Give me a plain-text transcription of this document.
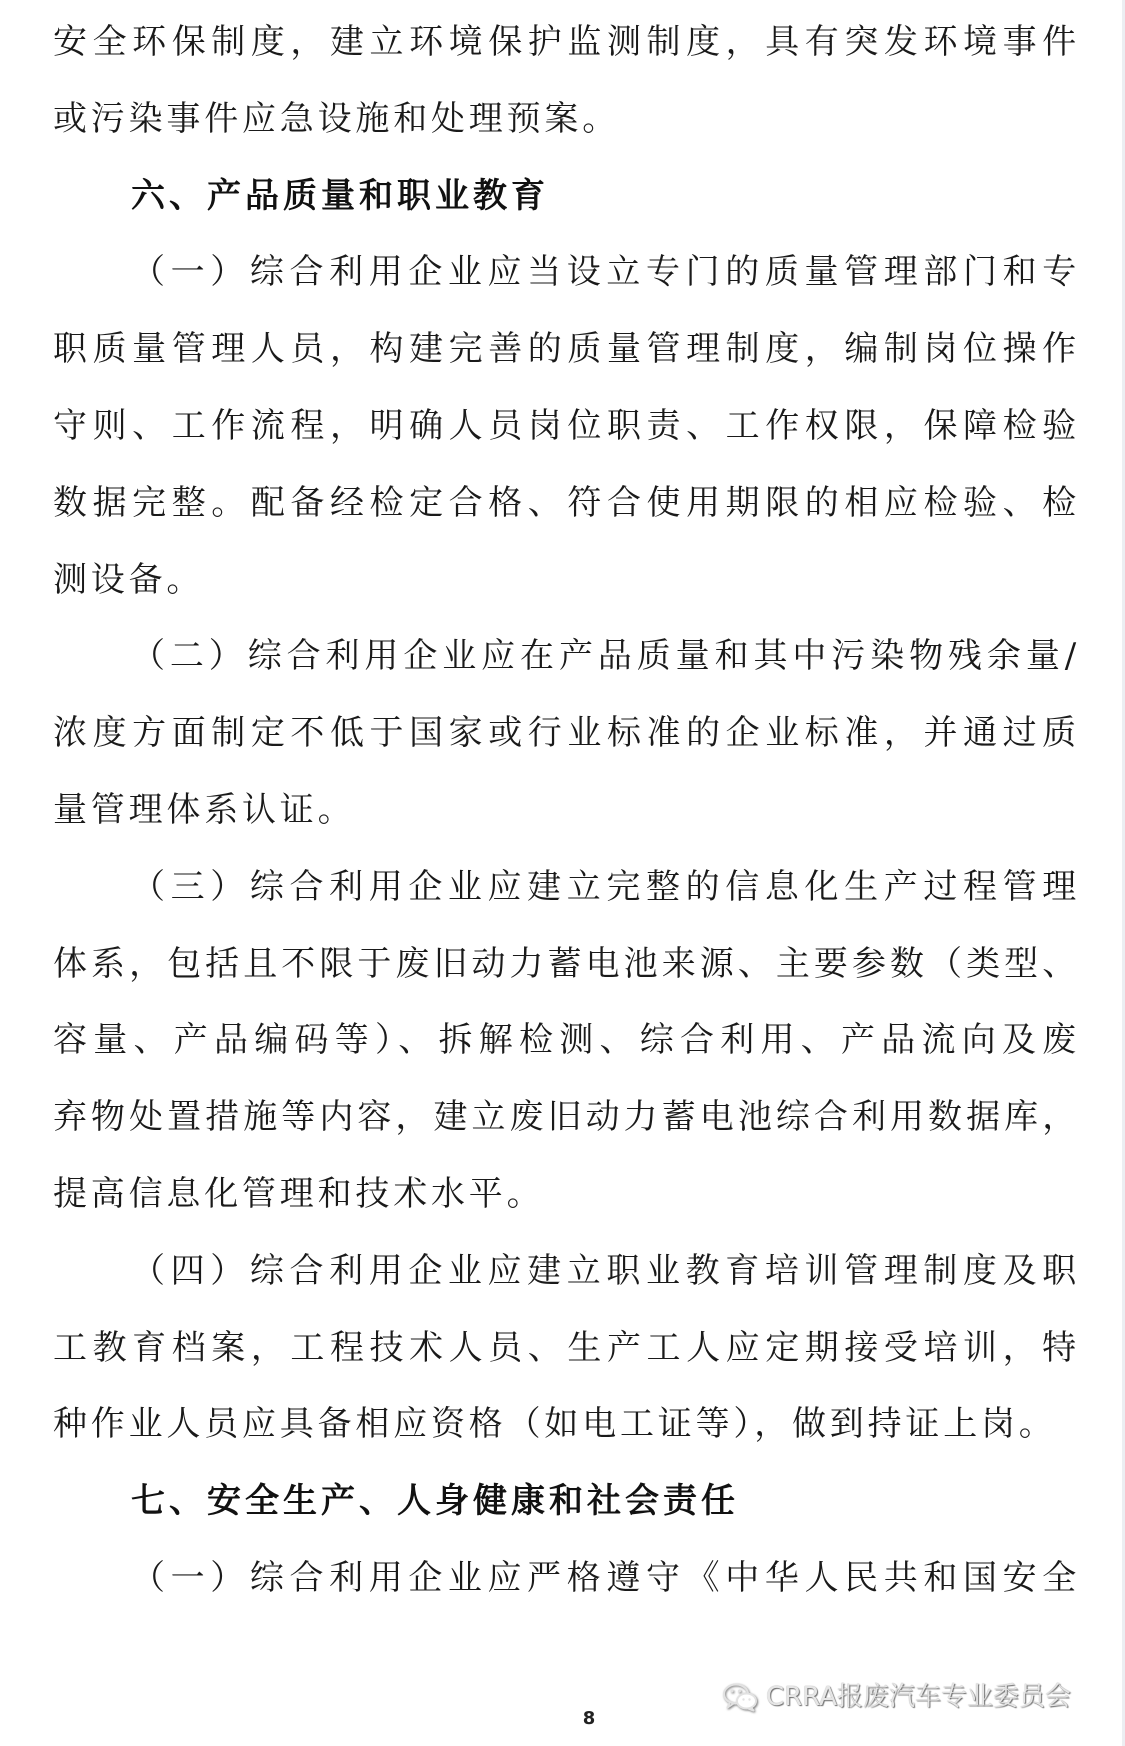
安全环保制度，建立环境保护监测制度，具有突发环境事件
或污染事件应急设施和处理预案。
六、产品质量和职业教育
（一）综合利用企业应当设立专门的质量管理部门和专
职质量管理人员，构建完善的质量管理制度，编制岗位操作
守则、工作流程，明确人员岗位职责、工作权限，保障检验
数据完整。配备经检定合格、符合使用期限的相应检验、检
测设备。
（二）综合利用企业应在产品质量和其中污染物残余量/
浓度方面制定不低于国家或行业标准的企业标准，并通过质
量管理体系认证。
（三）综合利用企业应建立完整的信息化生产过程管理
体系，包括且不限于废旧动力蓄电池来源、主要参数（类型、
容量、产品编码等）、拆解检测、综合利用、产品流向及废
弃物处置措施等内容，建立废旧动力蓄电池综合利用数据库，
提高信息化管理和技术水平。
（四）综合利用企业应建立职业教育培训管理制度及职
工教育档案，工程技术人员、生产工人应定期接受培训，特
种作业人员应具备相应资格（如电工证等），做到持证上岗。
七、安全生产、人身健康和社会责任
（一）综合利用企业应严格遵守《中华人民共和国安全
8
CRRA报废汽车专业委员会
